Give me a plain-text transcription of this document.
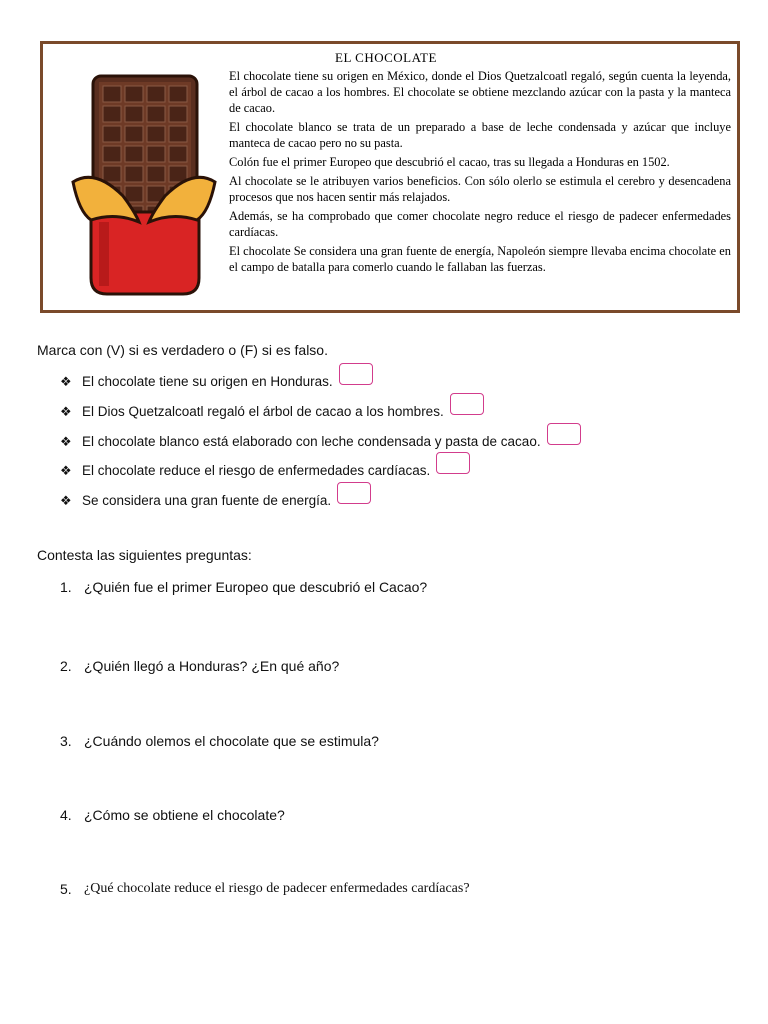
EL CHOCOLATE

El chocolate tiene su origen en México, donde el Dios Quetzalcoatl regaló, según cuenta la leyenda, el árbol de cacao a los hombres. El chocolate se obtiene mezclando azúcar con la pasta y la manteca de cacao.

El chocolate blanco se trata de un preparado a base de leche condensada y azúcar que incluye manteca de cacao pero no su pasta.

Colón fue el primer Europeo que descubrió el cacao, tras su llegada a Honduras en 1502.

Al chocolate se le atribuyen varios beneficios. Con sólo olerlo se estimula el cerebro y desencadena procesos que nos hacen sentir más relajados.

Además, se ha comprobado que comer chocolate negro reduce el riesgo de padecer enfermedades cardíacas.

El chocolate Se considera una gran fuente de energía, Napoleón siempre llevaba encima chocolate en el campo de batalla para comerlo cuando le fallaban las fuerzas.

Marca con (V) si es verdadero o (F) si es falso.
❖ El chocolate tiene su origen en Honduras.
❖ El Dios Quetzalcoatl regaló el árbol de cacao a los hombres.
❖ El chocolate blanco está elaborado con leche condensada y pasta de cacao.
❖ El chocolate reduce el riesgo de enfermedades cardíacas.
❖ Se considera una gran fuente de energía.
Contesta las siguientes preguntas:
1. ¿Quién fue el primer Europeo que descubrió el Cacao?
2. ¿Quién llegó a Honduras? ¿En qué año?
3. ¿Cuándo olemos el chocolate que se estimula?
4. ¿Cómo se obtiene el chocolate?
5. ¿Qué chocolate reduce el riesgo de padecer enfermedades cardíacas?
